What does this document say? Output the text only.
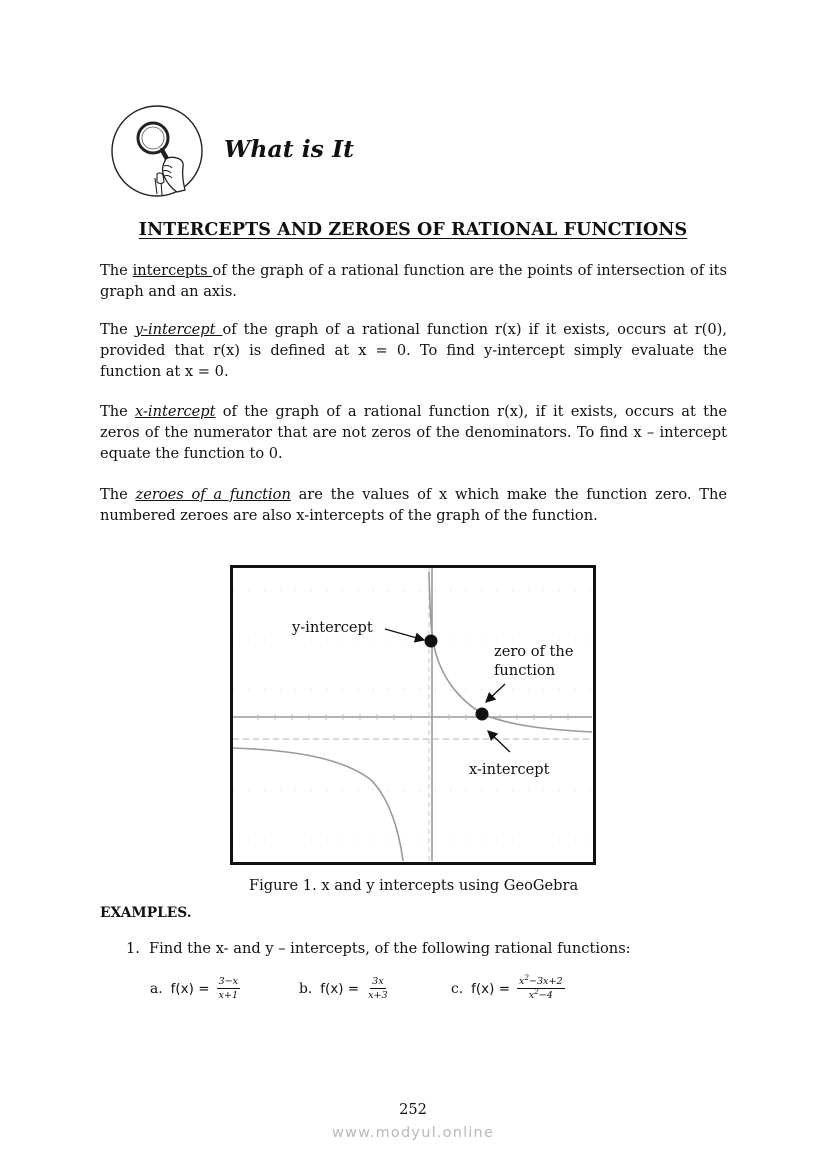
What is It
INTERCEPTS AND ZEROES OF RATIONAL FUNCTIONS
The intercepts of the graph of a rational function are the points of intersection of its graph and an axis.
The y-intercept of the graph of a rational function r(x) if it exists, occurs at r(0), provided that r(x) is defined at x = 0. To find y-intercept simply evaluate the function at x = 0.
The x-intercept of the graph of a rational function r(x), if it exists, occurs at the zeros of the numerator that are not zeros of the denominators. To find x – intercept equate the function to 0.
The zeroes of a function are the values of x which make the function zero. The numbered zeroes are also x-intercepts of the graph of the function.
y-intercept
zero of the
function
x-intercept
Figure 1. x and y intercepts using GeoGebra
EXAMPLES.
1. Find the x- and y – intercepts, of the following rational functions:
a. $f(x) = \frac{3-x}{x+1}$	b. $f(x) = \frac{3x}{x+3}$	c. $f(x) = \frac{x^2-3x+2}{x^2-4}$
252
www.modyul.online
